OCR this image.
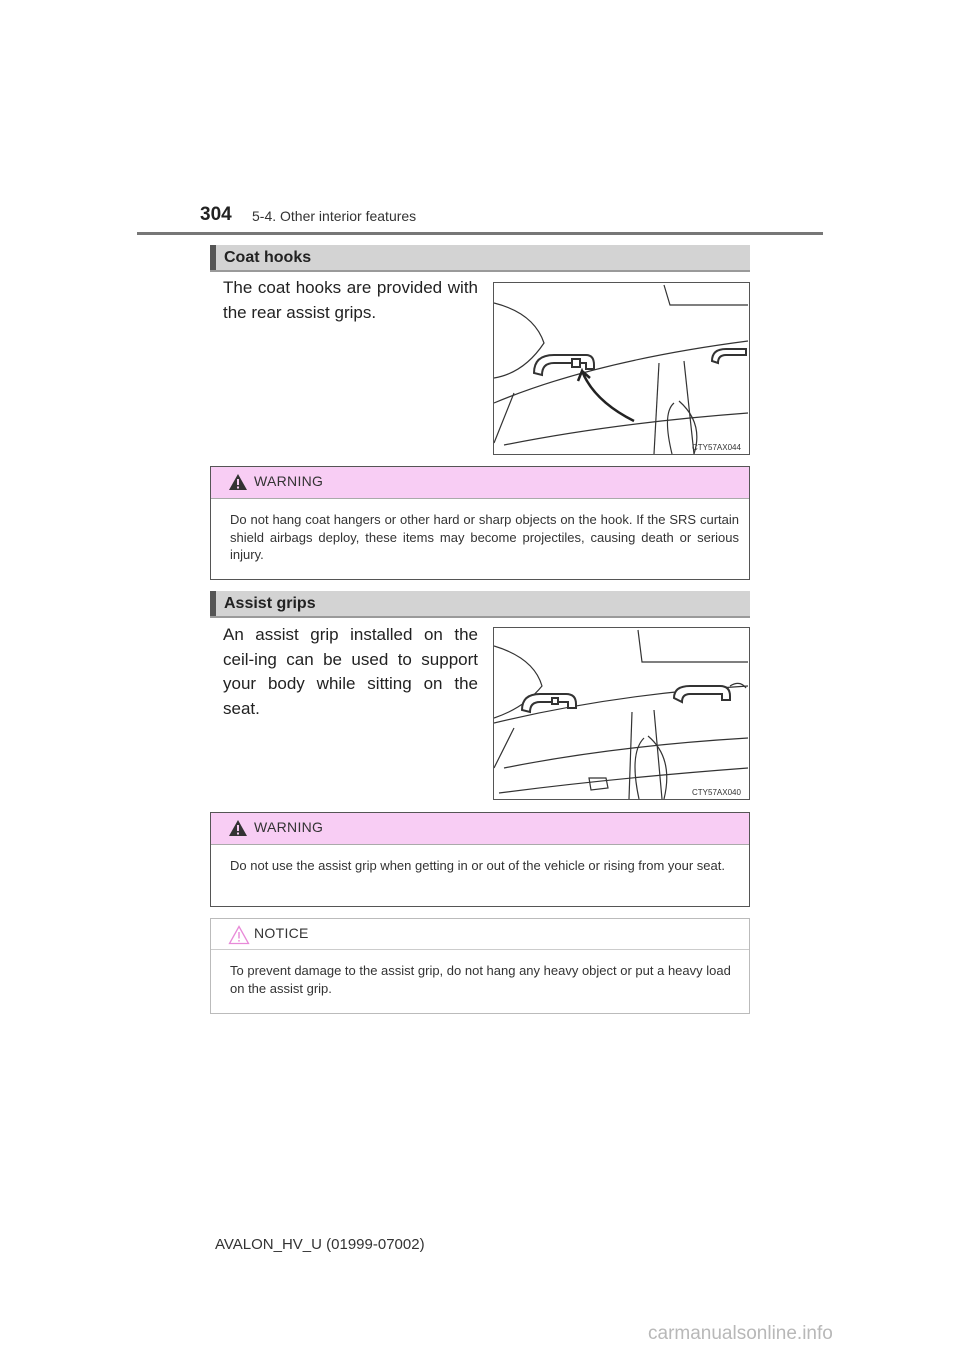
304 5-4. Other interior features
Coat hooks
The coat hooks are provided with the rear assist grips.
CTY57AX044
WARNING
Do not hang coat hangers or other hard or sharp objects on the hook. If the SRS curtain shield airbags deploy, these items may become projectiles, causing death or serious injury.
Assist grips
An assist grip installed on the ceil-ing can be used to support your body while sitting on the seat.
CTY57AX040
WARNING
Do not use the assist grip when getting in or out of the vehicle or rising from your seat.
NOTICE
To prevent damage to the assist grip, do not hang any heavy object or put a heavy load on the assist grip.
AVALON_HV_U (01999-07002)
carmanualsonline.info
